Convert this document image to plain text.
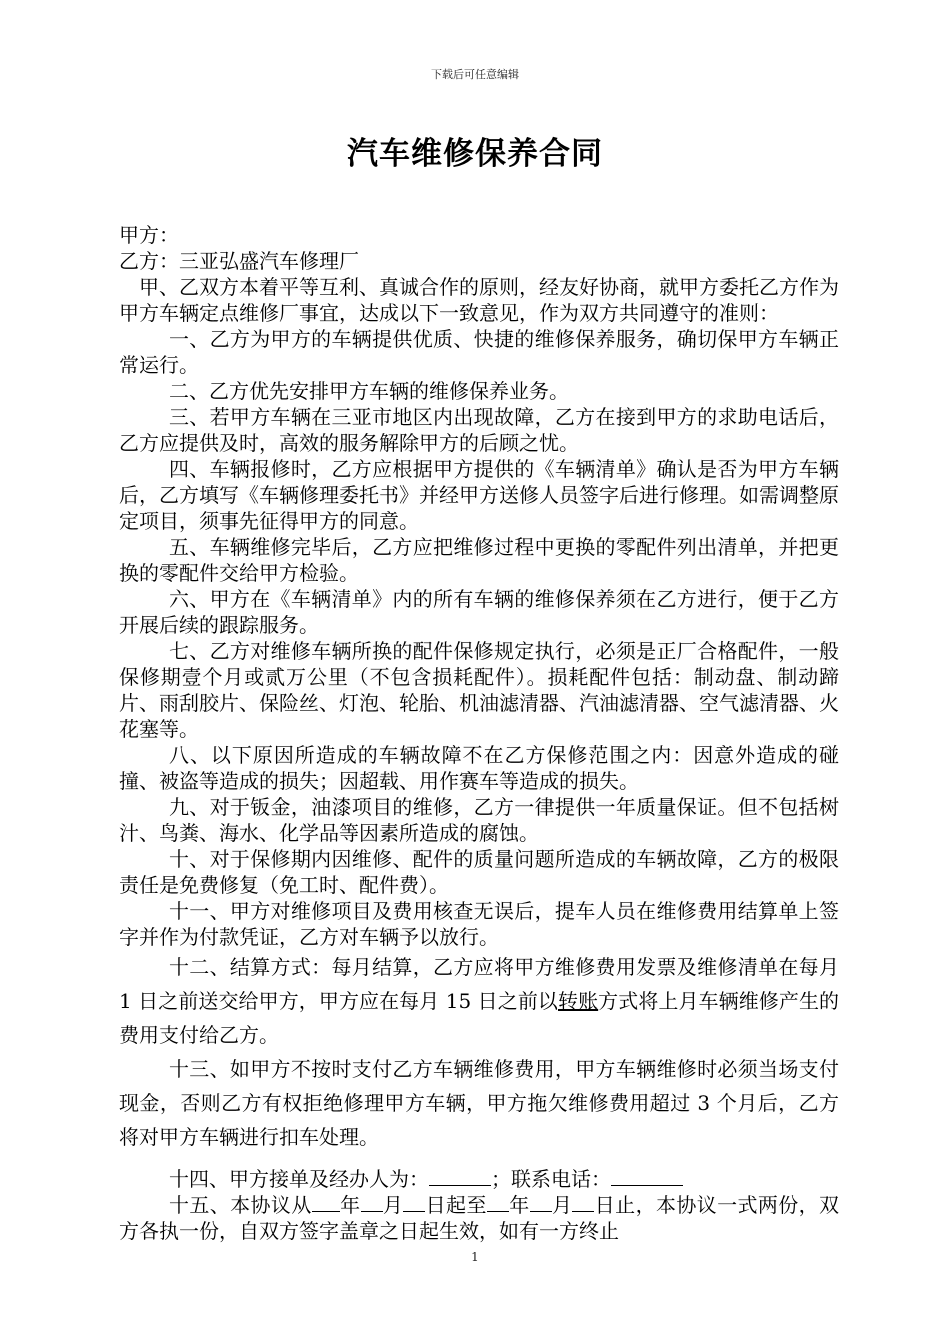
下载后可任意编辑
汽车维修保养合同

甲方：

乙方：三亚弘盛汽车修理厂

甲、乙双方本着平等互利、真诚合作的原则，经友好协商，就甲方委托乙方作为甲方车辆定点维修厂事宜，达成以下一致意见，作为双方共同遵守的准则：

一、乙方为甲方的车辆提供优质、快捷的维修保养服务，确切保甲方车辆正常运行。

二、乙方优先安排甲方车辆的维修保养业务。

三、若甲方车辆在三亚市地区内出现故障，乙方在接到甲方的求助电话后，乙方应提供及时，高效的服务解除甲方的后顾之忧。

四、车辆报修时，乙方应根据甲方提供的《车辆清单》确认是否为甲方车辆后，乙方填写《车辆修理委托书》并经甲方送修人员签字后进行修理。如需调整原定项目，须事先征得甲方的同意。

五、车辆维修完毕后，乙方应把维修过程中更换的零配件列出清单，并把更换的零配件交给甲方检验。

六、甲方在《车辆清单》内的所有车辆的维修保养须在乙方进行，便于乙方开展后续的跟踪服务。

七、乙方对维修车辆所换的配件保修规定执行，必须是正厂合格配件，一般保修期壹个月或贰万公里（不包含损耗配件）。损耗配件包括：制动盘、制动蹄片、雨刮胶片、保险丝、灯泡、轮胎、机油滤清器、汽油滤清器、空气滤清器、火花塞等。

八、以下原因所造成的车辆故障不在乙方保修范围之内：因意外造成的碰撞、被盗等造成的损失；因超载、用作赛车等造成的损失。

九、对于钣金，油漆项目的维修，乙方一律提供一年质量保证。但不包括树汁、鸟粪、海水、化学品等因素所造成的腐蚀。

十、对于保修期内因维修、配件的质量问题所造成的车辆故障，乙方的极限责任是免费修复（免工时、配件费）。

十一、甲方对维修项目及费用核查无误后，提车人员在维修费用结算单上签字并作为付款凭证，乙方对车辆予以放行。

十二、结算方式：每月结算，乙方应将甲方维修费用发票及维修清单在每月 1 日之前送交给甲方，甲方应在每月 15 日之前以转账方式将上月车辆维修产生的费用支付给乙方。

十三、如甲方不按时支付乙方车辆维修费用，甲方车辆维修时必须当场支付现金，否则乙方有权拒绝修理甲方车辆，甲方拖欠维修费用超过 3 个月后，乙方将对甲方车辆进行扣车处理。

十四、甲方接单及经办人为：	；联系电话：

十五、本协议从 年 月 日起至 年 月 日止，本协议一式两份，双方各执一份，自双方签字盖章之日起生效，如有一方终止

1
